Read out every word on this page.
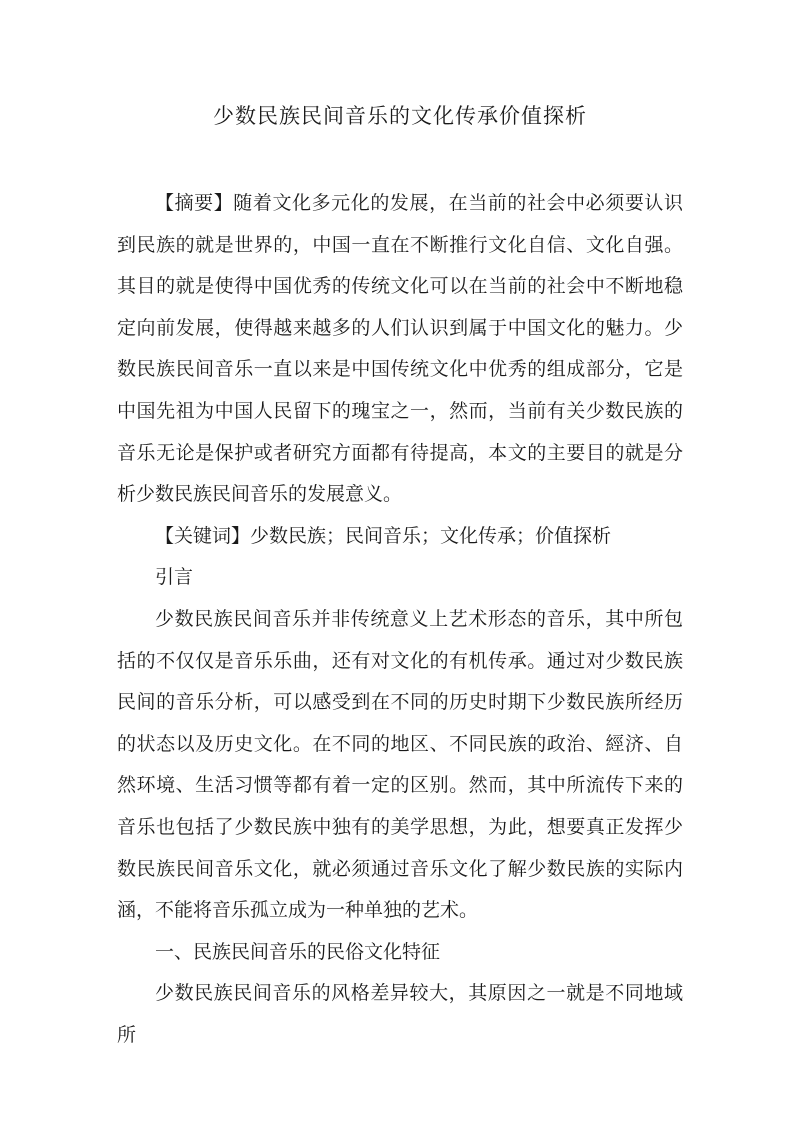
少数民族民间音乐的文化传承价值探析

【摘要】随着文化多元化的发展，在当前的社会中必须要认识到民族的就是世界的，中国一直在不断推行文化自信、文化自强。其目的就是使得中国优秀的传统文化可以在当前的社会中不断地稳定向前发展，使得越来越多的人们认识到属于中国文化的魅力。少数民族民间音乐一直以来是中国传统文化中优秀的组成部分，它是中国先祖为中国人民留下的瑰宝之一，然而，当前有关少数民族的音乐无论是保护或者研究方面都有待提高，本文的主要目的就是分析少数民族民间音乐的发展意义。

【关键词】少数民族；民间音乐；文化传承；价值探析

引言

少数民族民间音乐并非传统意义上艺术形态的音乐，其中所包括的不仅仅是音乐乐曲，还有对文化的有机传承。通过对少数民族民间的音乐分析，可以感受到在不同的历史时期下少数民族所经历的状态以及历史文化。在不同的地区、不同民族的政治、經济、自然环境、生活习惯等都有着一定的区别。然而，其中所流传下来的音乐也包括了少数民族中独有的美学思想，为此，想要真正发挥少数民族民间音乐文化，就必须通过音乐文化了解少数民族的实际内涵，不能将音乐孤立成为一种单独的艺术。

一、民族民间音乐的民俗文化特征

少数民族民间音乐的风格差异较大，其原因之一就是不同地域所
